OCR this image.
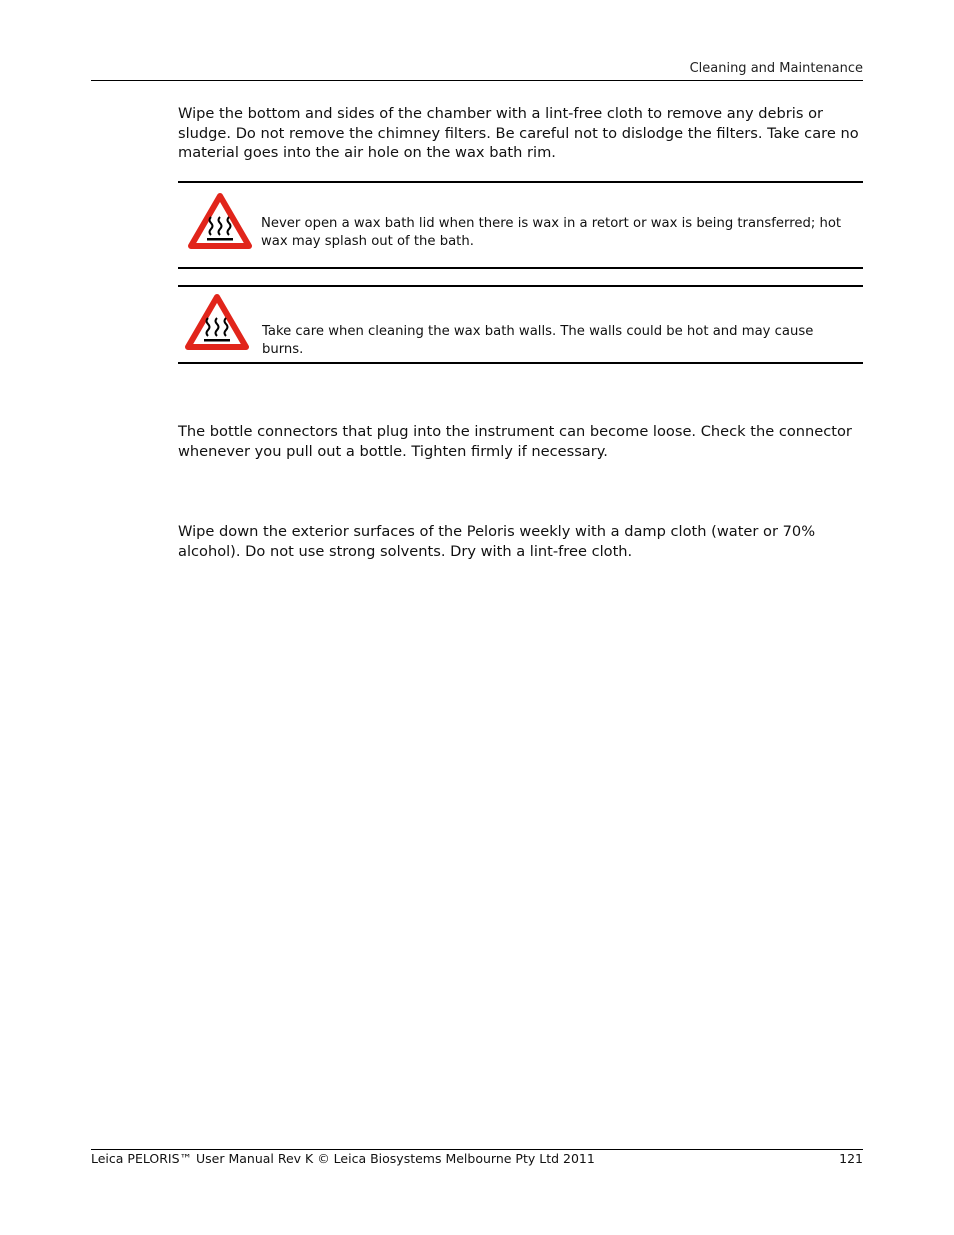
Cleaning and Maintenance

Wipe the bottom and sides of the chamber with a lint-free cloth to remove any debris or sludge. Do not remove the chimney filters. Be careful not to dislodge the filters. Take care no material goes into the air hole on the wax bath rim.

Never open a wax bath lid when there is wax in a retort or wax is being transferred; hot wax may splash out of the bath.
Take care when cleaning the wax bath walls. The walls could be hot and may cause burns.

The bottle connectors that plug into the instrument can become loose. Check the connector whenever you pull out a bottle. Tighten firmly if necessary.

Wipe down the exterior surfaces of the Peloris weekly with a damp cloth (water or 70% alcohol). Do not use strong solvents. Dry with a lint-free cloth.

Leica PELORIS™ User Manual Rev K © Leica Biosystems Melbourne Pty Ltd 2011	121
